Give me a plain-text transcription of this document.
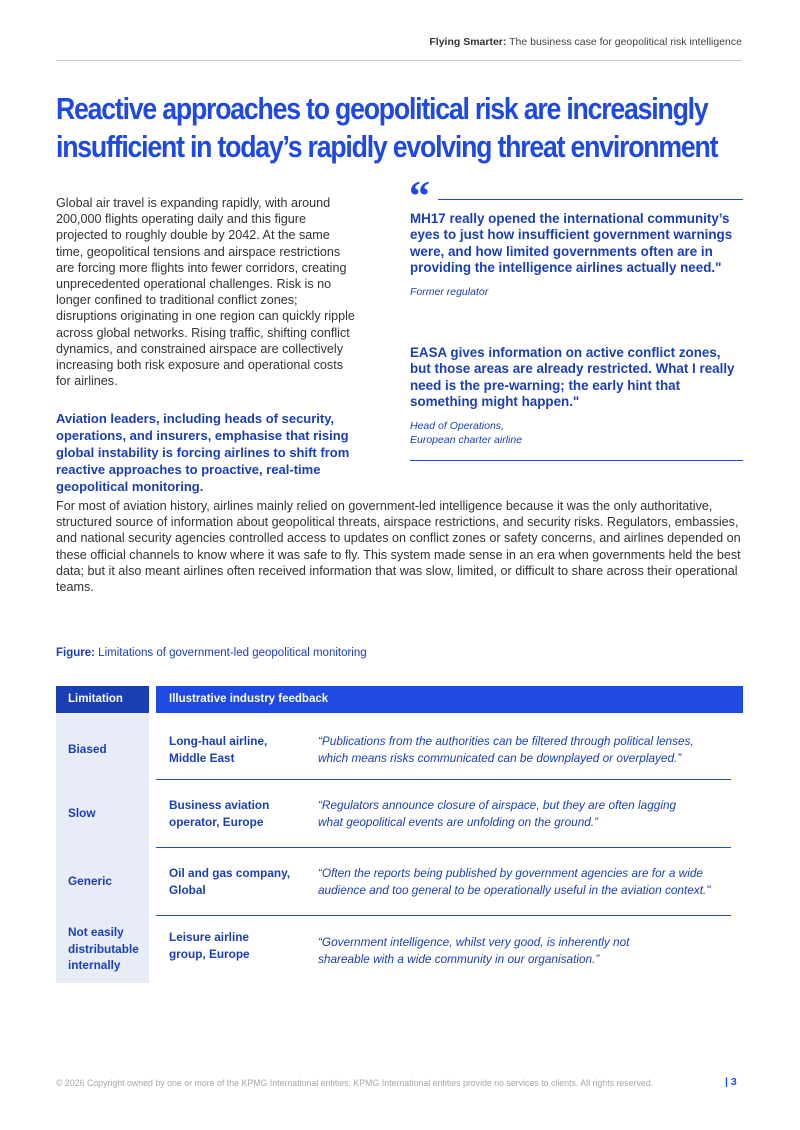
Flying Smarter: The business case for geopolitical risk intelligence
Reactive approaches to geopolitical risk are increasingly
insufficient in today’s rapidly evolving threat environment

Global air travel is expanding rapidly, with around 200,000 flights operating daily and this figure projected to roughly double by 2042. At the same time, geopolitical tensions and airspace restrictions are forcing more flights into fewer corridors, creating unprecedented operational challenges. Risk is no longer confined to traditional conflict zones; disruptions originating in one region can quickly ripple across global networks. Rising traffic, shifting conflict dynamics, and constrained airspace are collectively increasing both risk exposure and operational costs for airlines.

Aviation leaders, including heads of security, operations, and insurers, emphasise that rising global instability is forcing airlines to shift from reactive approaches to proactive, real-time geopolitical monitoring.

“
MH17 really opened the international community’s eyes to just how insufficient government warnings were, and how limited governments often are in providing the intelligence airlines actually need."
Former regulator
EASA gives information on active conflict zones, but those areas are already restricted. What I really need is the pre-warning; the early hint that something might happen."
Head of Operations,
European charter airline

For most of aviation history, airlines mainly relied on government-led intelligence because it was the only authoritative, structured source of information about geopolitical threats, airspace restrictions, and security risks. Regulators, embassies, and national security agencies controlled access to updates on conflict zones or safety concerns, and airlines depended on these official channels to know where it was safe to fly. This system made sense in an era when governments held the best data; but it also meant airlines often received information that was slow, limited, or difficult to share across their operational teams.

Figure: Limitations of government-led geopolitical monitoring
Limitation	Illustrative industry feedback
Biased
Long-haul airline,
Middle East
“Publications from the authorities can be filtered through political lenses,
which means risks communicated can be downplayed or overplayed.”
Slow
Business aviation
operator, Europe
“Regulators announce closure of airspace, but they are often lagging
what geopolitical events are unfolding on the ground.”
Generic
Oil and gas company,
Global
“Often the reports being published by government agencies are for a wide
audience and too general to be operationally useful in the aviation context."
Not easily
distributable
internally
Leisure airline
group, Europe
“Government intelligence, whilst very good, is inherently not
shareable with a wide community in our organisation.”
© 2026 Copyright owned by one or more of the KPMG International entities. KPMG International entities provide no services to clients. All rights reserved.	| 3
